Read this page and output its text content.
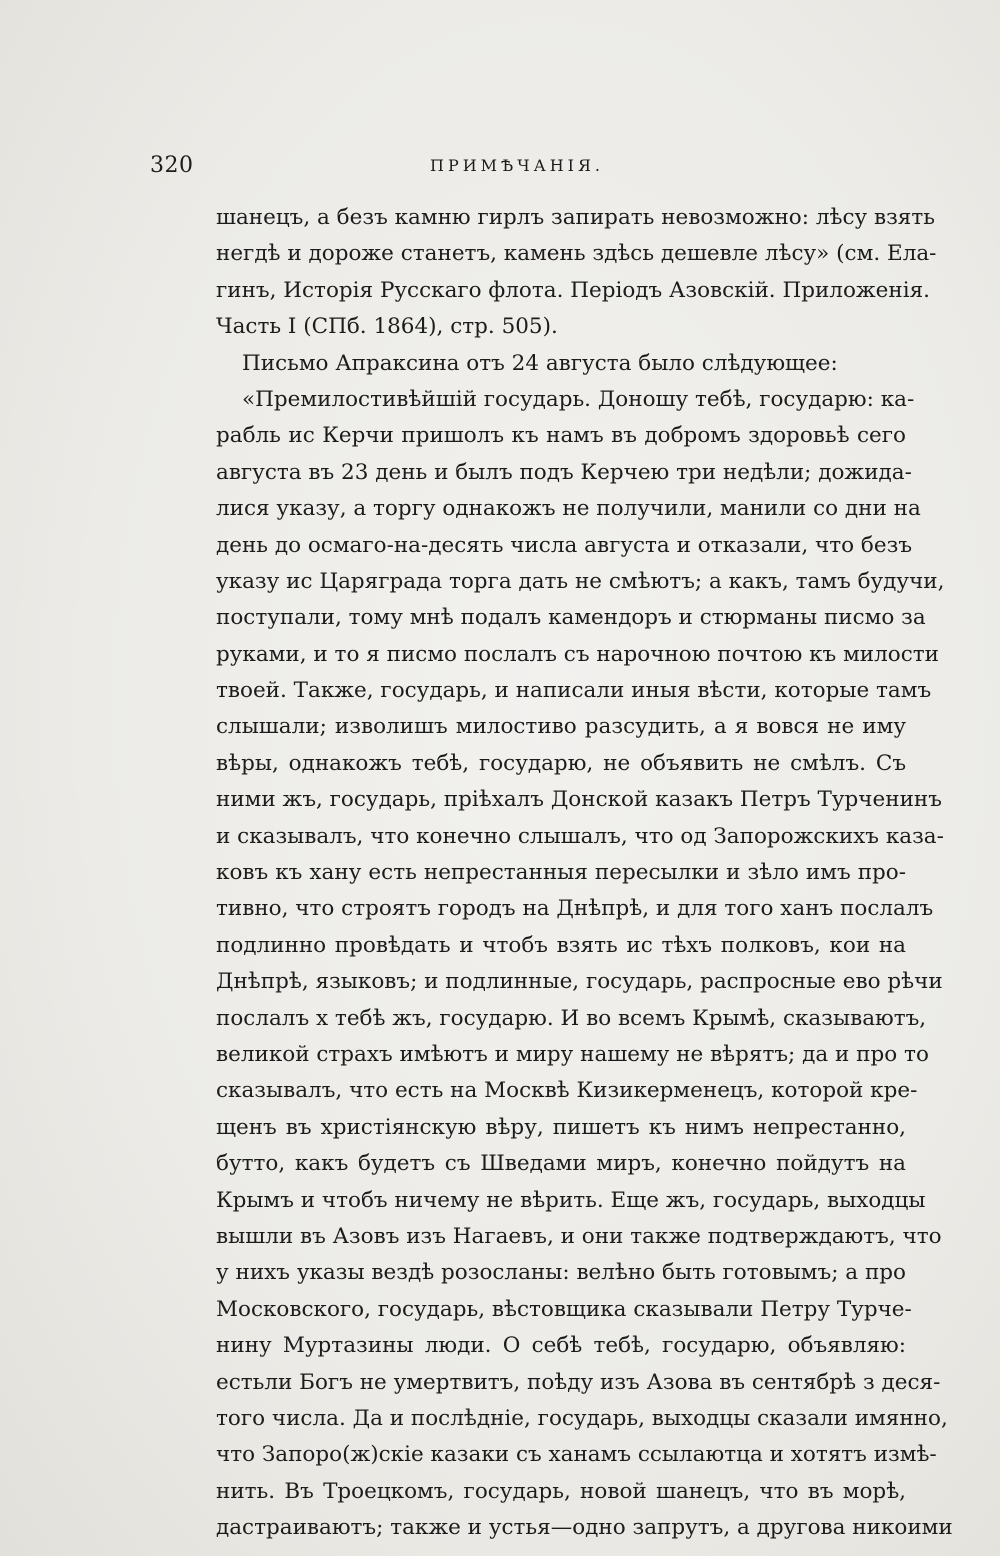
320	ПРИМѢЧАНІЯ.
шанецъ, а безъ камню гирлъ запирать невозможно: лѣсу взять
негдѣ и дороже станетъ, камень здѣсь дешевле лѣсу» (см. Ела-
гинъ, Исторія Русскаго флота. Періодъ Азовскій. Приложенія.
Часть I (СПб. 1864), стр. 505).
Письмо Апраксина отъ 24 августа было слѣдующее:
«Премилостивѣйшій государь. Доношу тебѣ, государю: ка-
рабль ис Керчи пришолъ къ намъ въ добромъ здоровьѣ сего
августа въ 23 день и былъ подъ Керчею три недѣли; дожида-
лися указу, а торгу однакожъ не получили, манили со дни на
день до осмаго-на-десять числа августа и отказали, что безъ
указу ис Царяграда торга дать не смѣютъ; а какъ, тамъ будучи,
поступали, тому мнѣ подалъ камендоръ и стюрманы писмо за
руками, и то я писмо послалъ съ нарочною почтою къ милости
твоей. Также, государь, и написали иныя вѣсти, которые тамъ
слышали; изволишъ милостиво разсудить, а я вовся не иму
вѣры, однакожъ тебѣ, государю, не объявить не смѣлъ. Съ
ними жъ, государь, пріѣхалъ Донской казакъ Петръ Турченинъ
и сказывалъ, что конечно слышалъ, что од Запорожскихъ каза-
ковъ къ хану есть непрестанныя пересылки и зѣло имъ про-
тивно, что строятъ городъ на Днѣпрѣ, и для того ханъ послалъ
подлинно провѣдать и чтобъ взять ис тѣхъ полковъ, кои на
Днѣпрѣ, языковъ; и подлинные, государь, распросные ево рѣчи
послалъ х тебѣ жъ, государю. И во всемъ Крымѣ, сказываютъ,
великой страхъ имѣютъ и миру нашему не вѣрятъ; да и про то
сказывалъ, что есть на Москвѣ Кизикерменецъ, которой кре-
щенъ въ христіянскую вѣру, пишетъ къ нимъ непрестанно,
бутто, какъ будетъ съ Шведами миръ, конечно пойдутъ на
Крымъ и чтобъ ничему не вѣрить. Еще жъ, государь, выходцы
вышли въ Азовъ изъ Нагаевъ, и они также подтверждаютъ, что
у нихъ указы вездѣ розосланы: велѣно быть готовымъ; а про
Московского, государь, вѣстовщика сказывали Петру Турче-
нину Муртазины люди. О себѣ тебѣ, государю, объявляю:
естьли Богъ не умертвитъ, поѣду изъ Азова въ сентябрѣ з деся-
того числа. Да и послѣдніе, государь, выходцы сказали имянно,
что Запоро(ж)скіе казаки съ ханамъ ссылаютца и хотятъ измѣ-
нить. Въ Троецкомъ, государь, новой шанецъ, что въ морѣ,
дастраиваютъ; также и устья—одно запрутъ, а другова никоими
